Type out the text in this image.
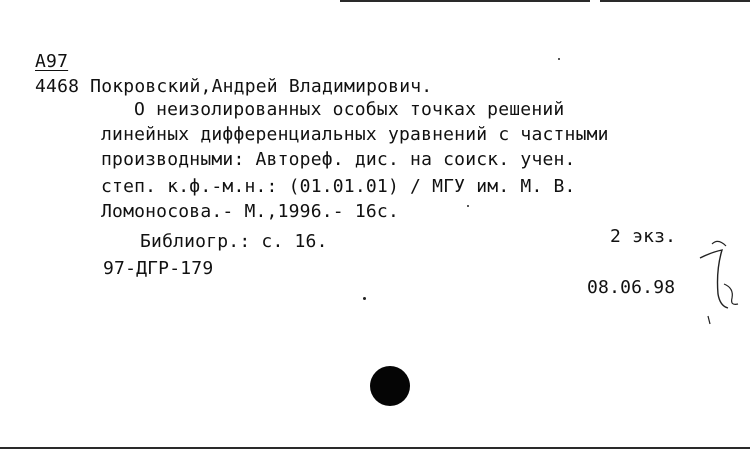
А97
4468 Покровский,Андрей Владимирович.
О неизолированных особых точках решений
линейных дифференциальных уравнений с частными
производными: Автореф. дис. на соиск. учен.
степ. к.ф.-м.н.: (01.01.01) / МГУ им. М. В.
Ломоносова.- М.,1996.- 16с.
Библиогр.: с. 16.	2 экз.
97-ДГР-179
08.06.98
